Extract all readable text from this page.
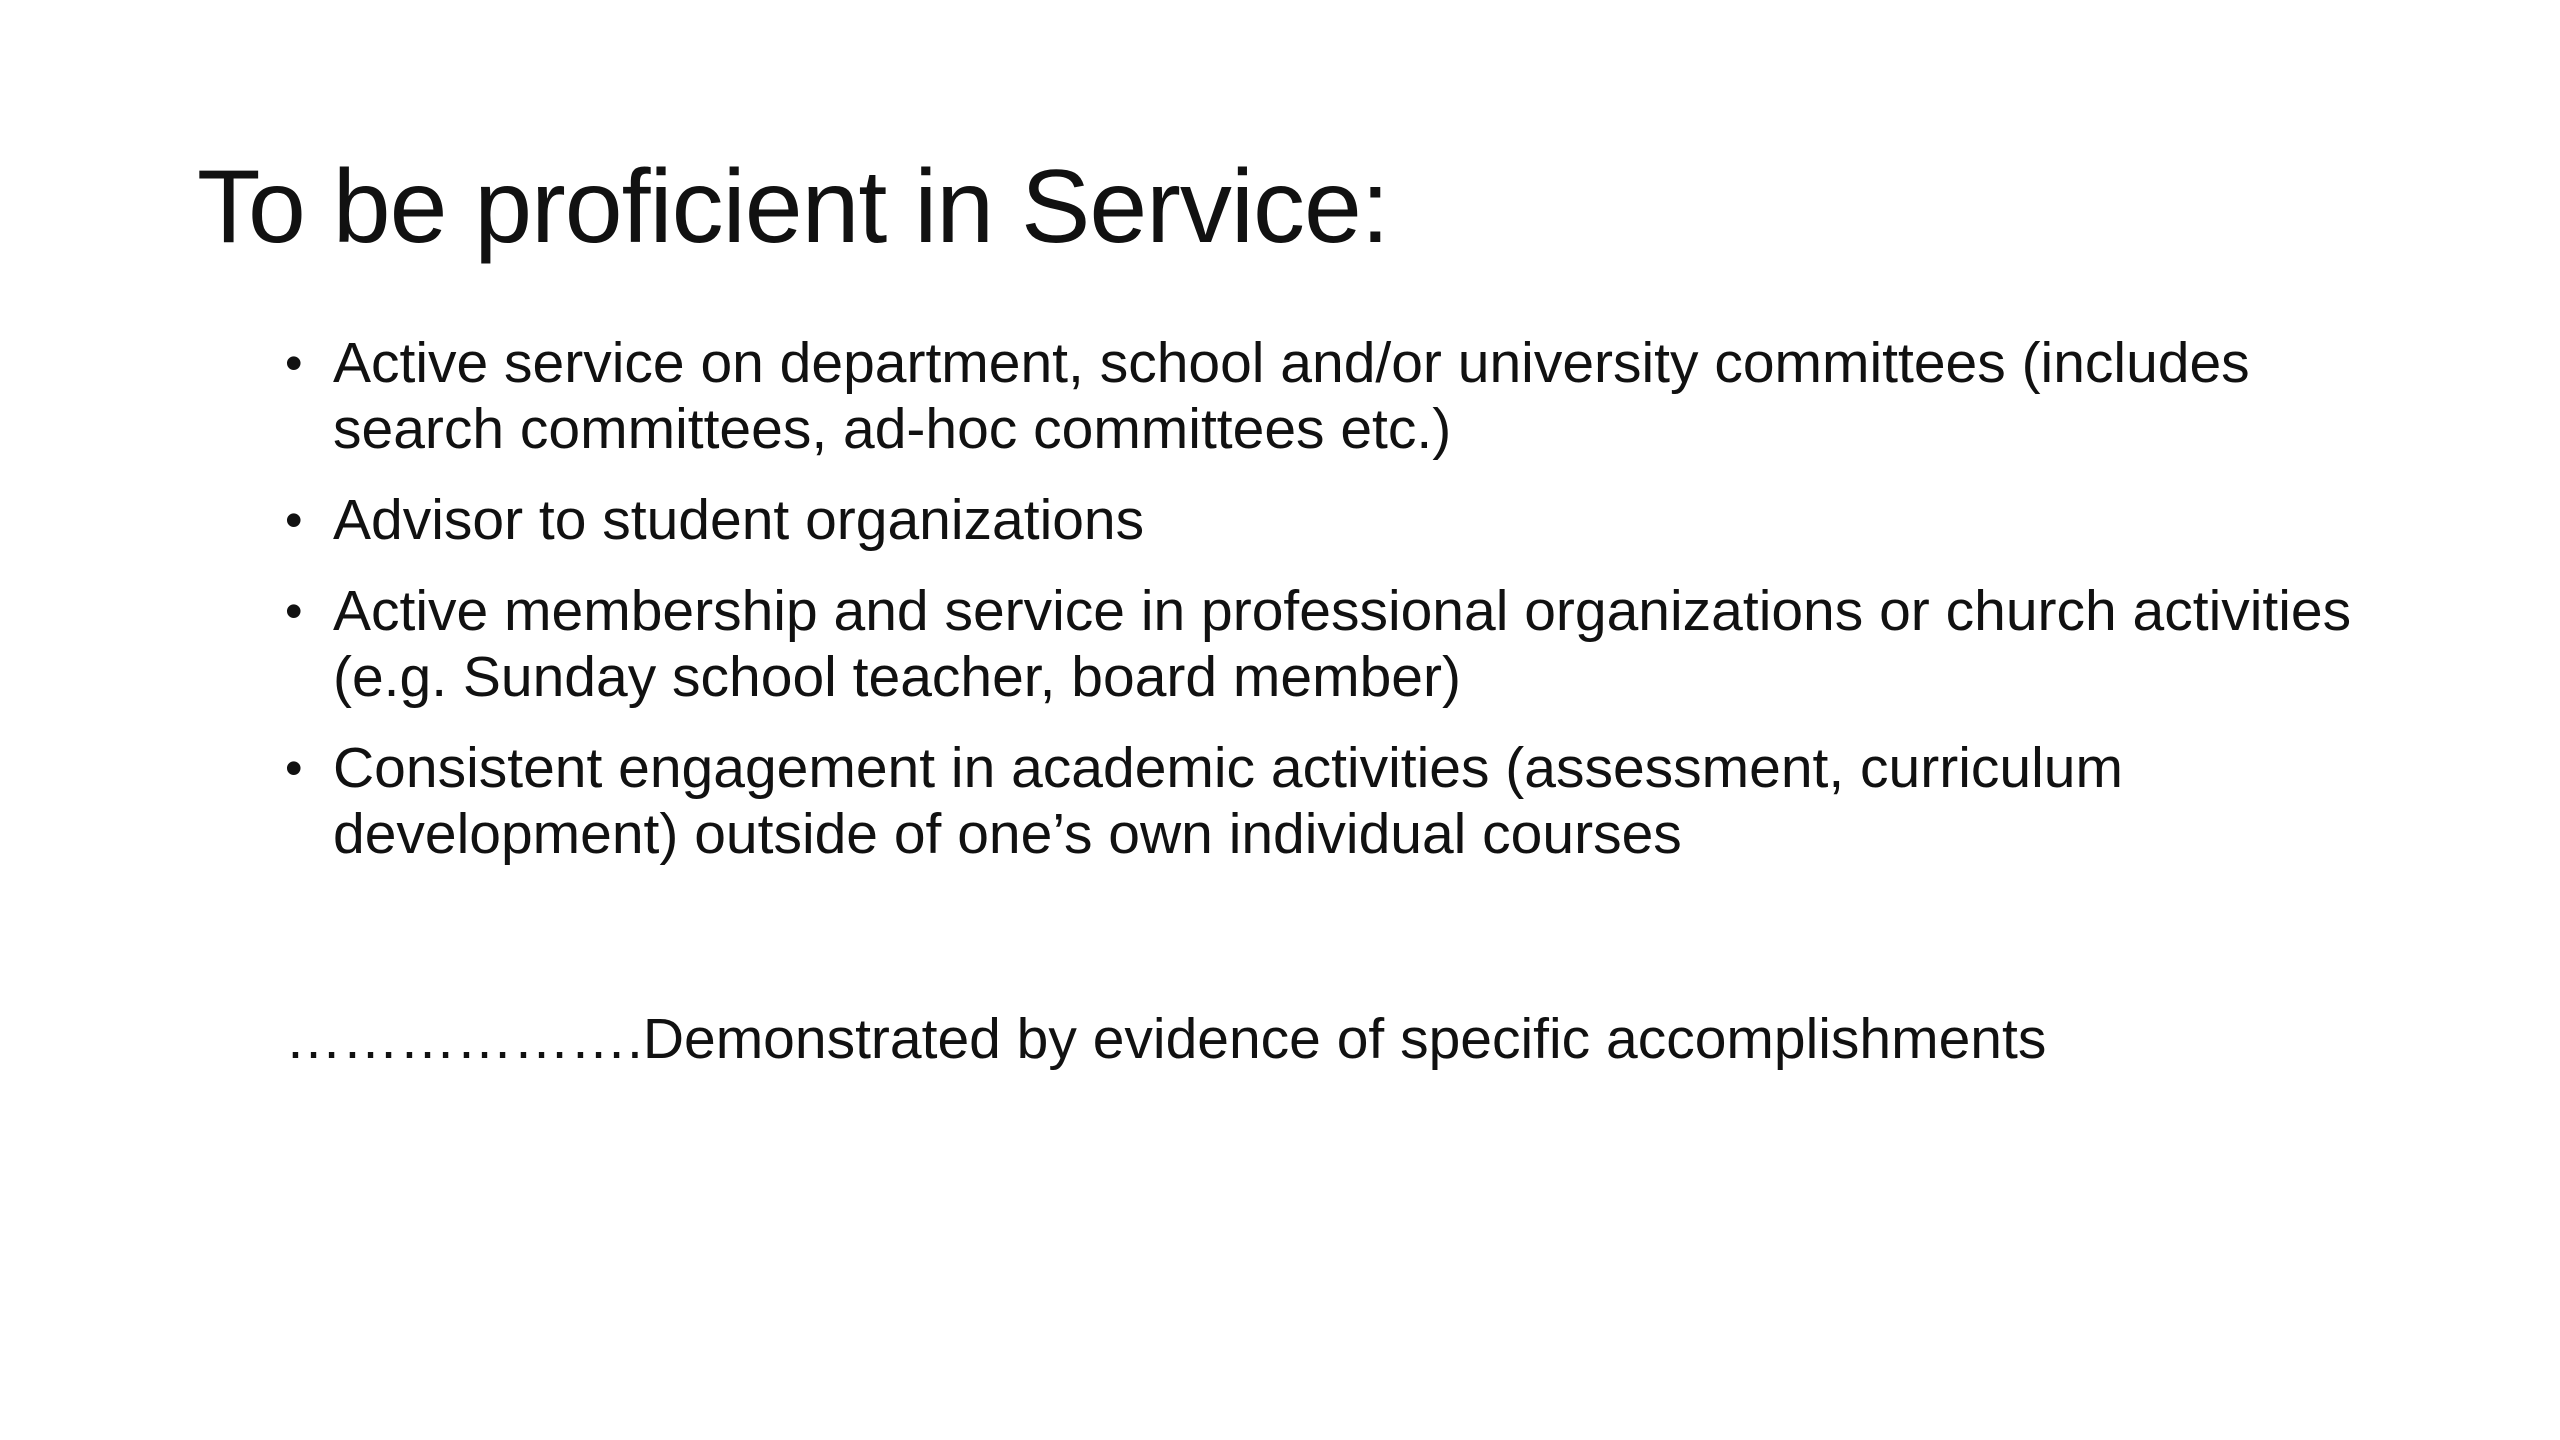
To be proficient in Service:
• Active service on department, school and/or university committees (includes search committees, ad-hoc committees etc.)
• Advisor to student organizations
• Active membership and service in professional organizations or church activities (e.g. Sunday school teacher, board member)
• Consistent engagement in academic activities (assessment, curriculum development) outside of one’s own individual courses

……………….Demonstrated by evidence of specific accomplishments
